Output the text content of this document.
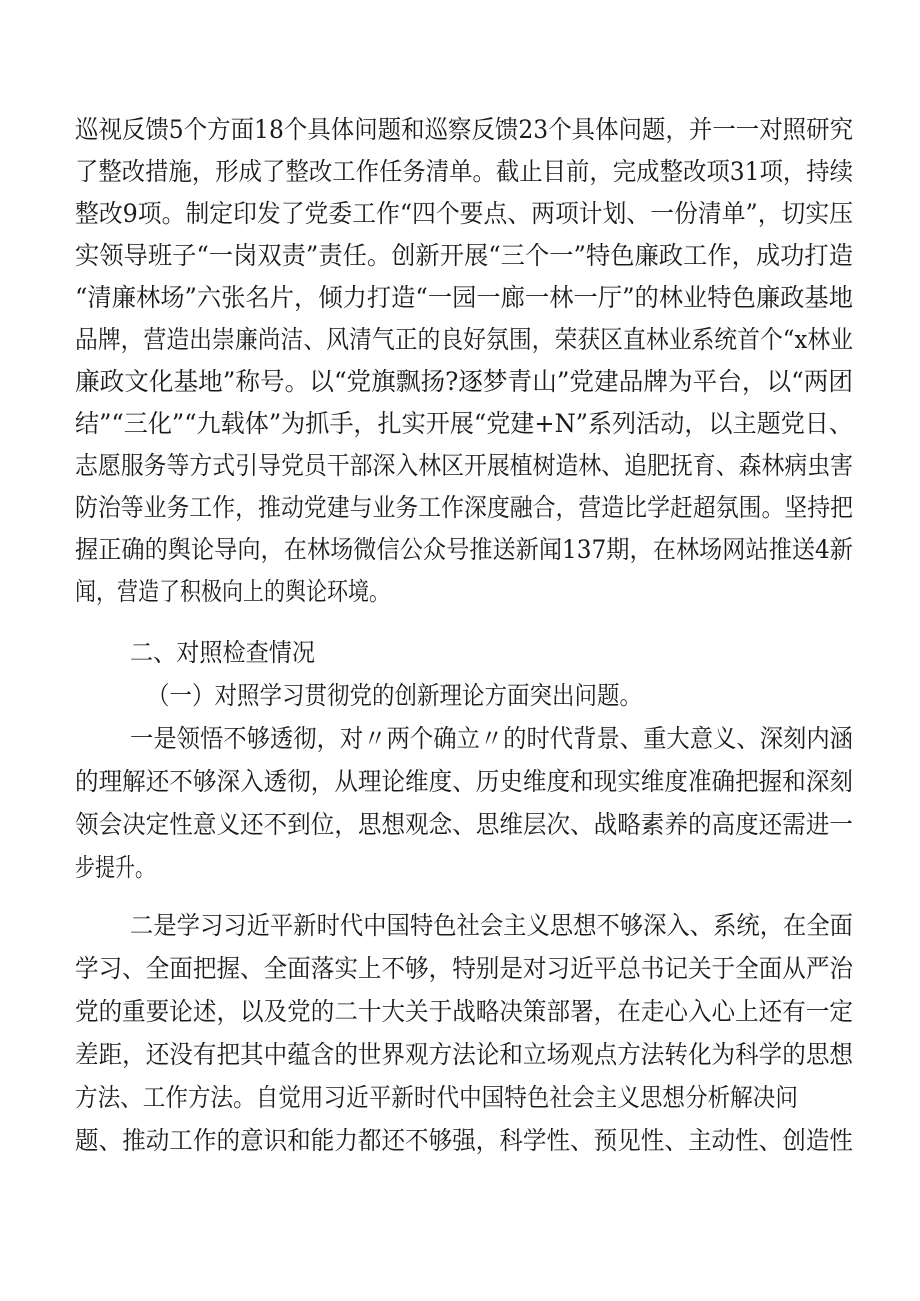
巡视反馈5个方面18个具体问题和巡察反馈23个具体问题，并一一对照研究
了整改措施，形成了整改工作任务清单。截止目前，完成整改项31项，持续
整改9项。制定印发了党委工作“四个要点、两项计划、一份清单”，切实压
实领导班子“一岗双责”责任。创新开展“三个一”特色廉政工作，成功打造
“清廉林场”六张名片，倾力打造“一园一廊一林一厅”的林业特色廉政基地
品牌，营造出崇廉尚洁、风清气正的良好氛围，荣获区直林业系统首个“x林业
廉政文化基地”称号。以“党旗飘扬?逐梦青山”党建品牌为平台，以“两团
结”“三化”“九载体”为抓手，扎实开展“党建+N”系列活动，以主题党日、
志愿服务等方式引导党员干部深入林区开展植树造林、追肥抚育、森林病虫害
防治等业务工作，推动党建与业务工作深度融合，营造比学赶超氛围。坚持把
握正确的舆论导向，在林场微信公众号推送新闻137期，在林场网站推送4新
闻，营造了积极向上的舆论环境。
二、对照检查情况
（一）对照学习贯彻党的创新理论方面突出问题。
一是领悟不够透彻，对〃两个确立〃的时代背景、重大意义、深刻内涵
的理解还不够深入透彻，从理论维度、历史维度和现实维度准确把握和深刻
领会决定性意义还不到位，思想观念、思维层次、战略素养的高度还需进一
步提升。
二是学习习近平新时代中国特色社会主义思想不够深入、系统，在全面
学习、全面把握、全面落实上不够，特别是对习近平总书记关于全面从严治
党的重要论述，以及党的二十大关于战略决策部署，在走心入心上还有一定
差距，还没有把其中蕴含的世界观方法论和立场观点方法转化为科学的思想
方法、工作方法。自觉用习近平新时代中国特色社会主义思想分析解决问
题、推动工作的意识和能力都还不够强，科学性、预见性、主动性、创造性
